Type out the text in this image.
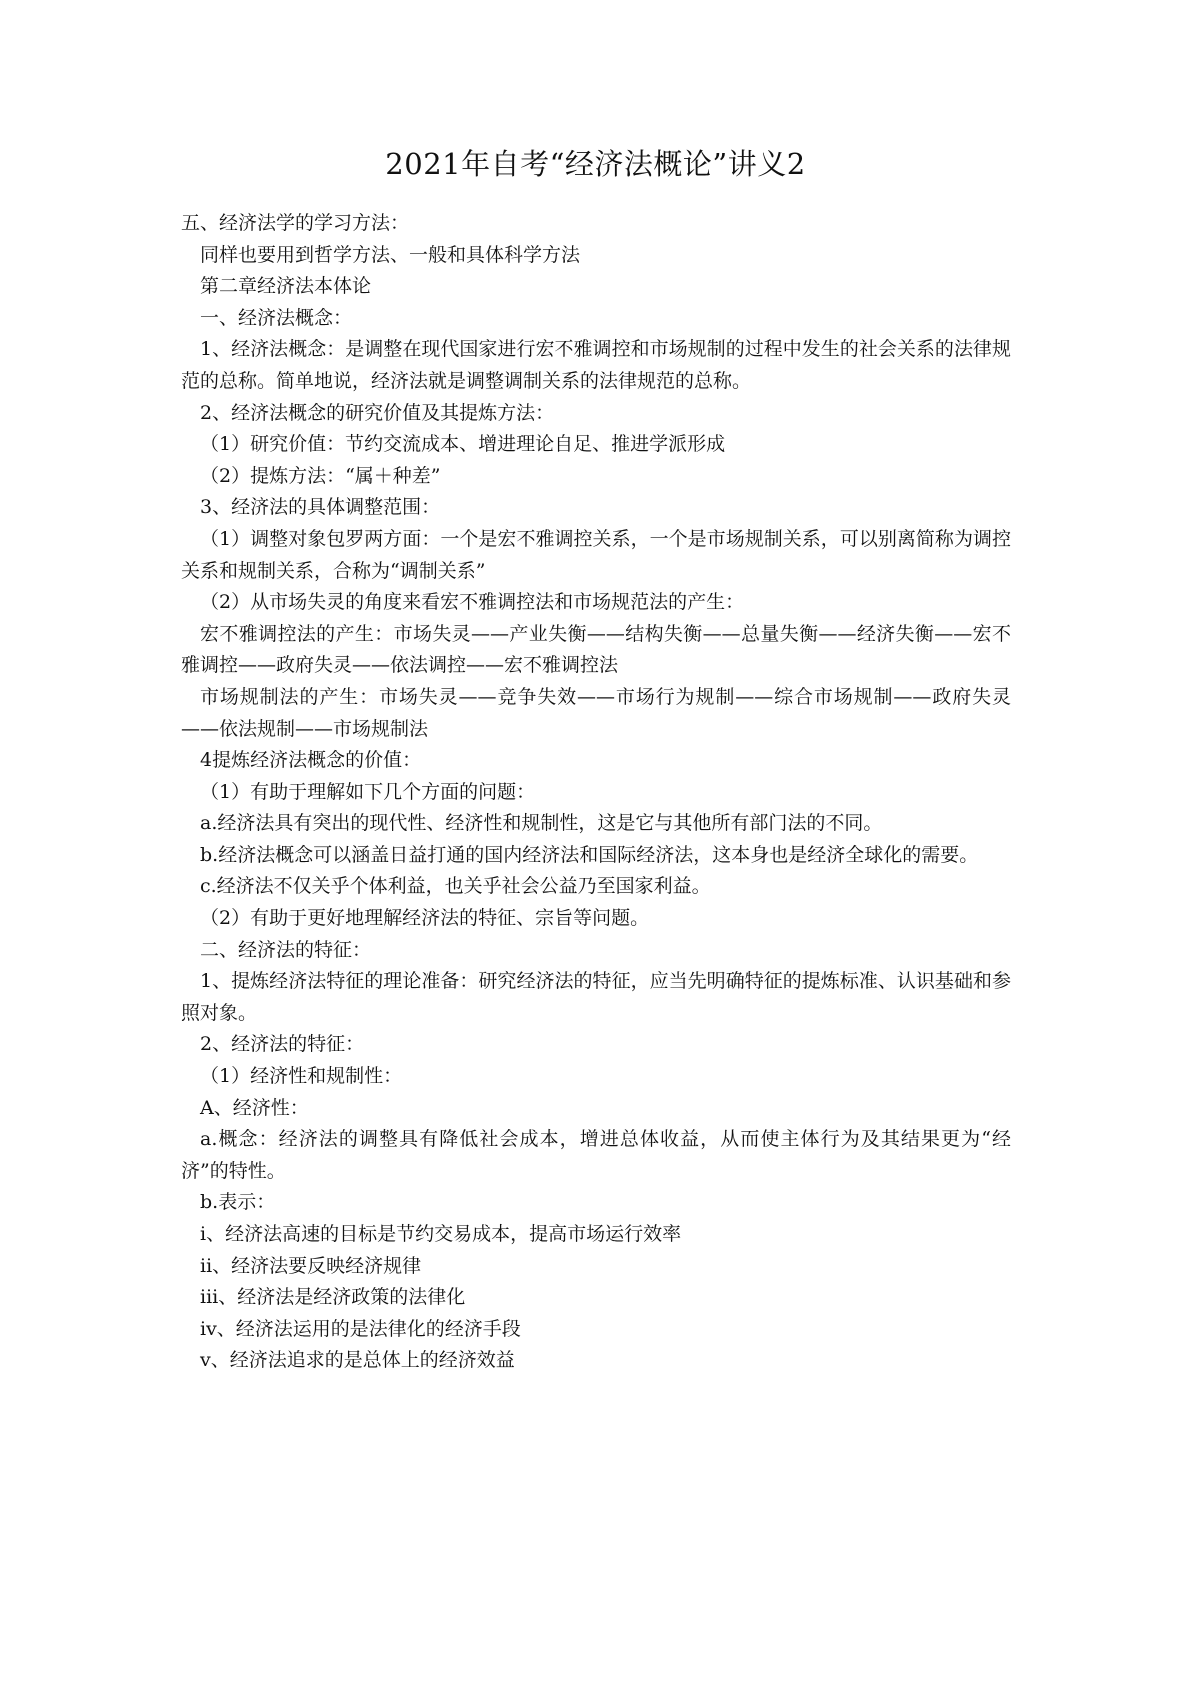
2021年自考“经济法概论”讲义2

五、经济法学的学习方法：

同样也要用到哲学方法、一般和具体科学方法

第二章经济法本体论

一、经济法概念：

1、经济法概念：是调整在现代国家进行宏不雅调控和市场规制的过程中发生的社会关系的法律规范的总称。简单地说，经济法就是调整调制关系的法律规范的总称。

2、经济法概念的研究价值及其提炼方法：

（1）研究价值：节约交流成本、增进理论自足、推进学派形成

（2）提炼方法：“属＋种差”

3、经济法的具体调整范围：

（1）调整对象包罗两方面：一个是宏不雅调控关系，一个是市场规制关系，可以别离简称为调控关系和规制关系，合称为“调制关系”

（2）从市场失灵的角度来看宏不雅调控法和市场规范法的产生：

宏不雅调控法的产生：市场失灵——产业失衡——结构失衡——总量失衡——经济失衡——宏不雅调控——政府失灵——依法调控——宏不雅调控法

市场规制法的产生：市场失灵——竞争失效——市场行为规制——综合市场规制——政府失灵——依法规制——市场规制法

4提炼经济法概念的价值：

（1）有助于理解如下几个方面的问题：

a.经济法具有突出的现代性、经济性和规制性，这是它与其他所有部门法的不同。

b.经济法概念可以涵盖日益打通的国内经济法和国际经济法，这本身也是经济全球化的需要。

c.经济法不仅关乎个体利益，也关乎社会公益乃至国家利益。

（2）有助于更好地理解经济法的特征、宗旨等问题。

二、经济法的特征：

1、提炼经济法特征的理论准备：研究经济法的特征，应当先明确特征的提炼标准、认识基础和参照对象。

2、经济法的特征：

（1）经济性和规制性：

A、经济性：

a.概念：经济法的调整具有降低社会成本，增进总体收益，从而使主体行为及其结果更为“经济”的特性。

b.表示：

ⅰ、经济法高速的目标是节约交易成本，提高市场运行效率

ⅱ、经济法要反映经济规律

ⅲ、经济法是经济政策的法律化

ⅳ、经济法运用的是法律化的经济手段

ⅴ、经济法追求的是总体上的经济效益
